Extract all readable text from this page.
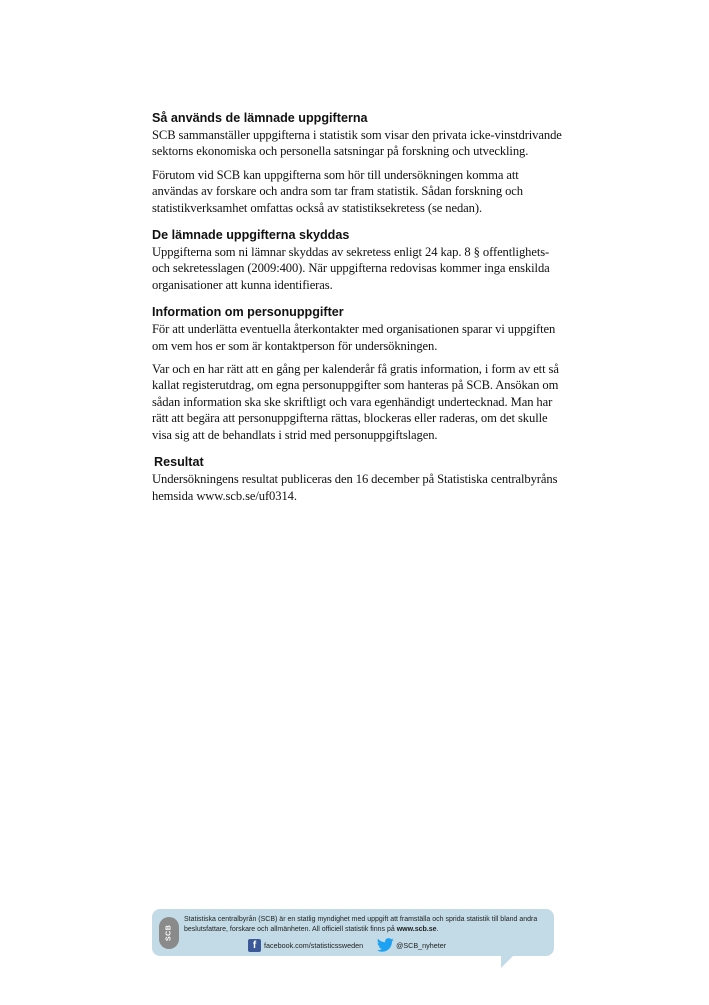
Så används de lämnade uppgifterna

SCB sammanställer uppgifterna i statistik som visar den privata icke-vinstdrivande sektorns ekonomiska och personella satsningar på forskning och utveckling.

Förutom vid SCB kan uppgifterna som hör till undersökningen komma att användas av forskare och andra som tar fram statistik. Sådan forskning och statistikverksamhet omfattas också av statistiksekretess (se nedan).

De lämnade uppgifterna skyddas

Uppgifterna som ni lämnar skyddas av sekretess enligt 24 kap. 8 § offentlighets- och sekretesslagen (2009:400). När uppgifterna redovisas kommer inga enskilda organisationer att kunna identifieras.

Information om personuppgifter

För att underlätta eventuella återkontakter med organisationen sparar vi uppgiften om vem hos er som är kontaktperson för undersökningen.

Var och en har rätt att en gång per kalenderår få gratis information, i form av ett så kallat registerutdrag, om egna personuppgifter som hanteras på SCB. Ansökan om sådan information ska ske skriftligt och vara egenhändigt undertecknad. Man har rätt att begära att personuppgifterna rättas, blockeras eller raderas, om det skulle visa sig att de behandlats i strid med personuppgiftslagen.

Resultat

Undersökningens resultat publiceras den 16 december på Statistiska centralbyråns hemsida www.scb.se/uf0314.

SCB
Statistiska centralbyrån (SCB) är en statlig myndighet med uppgift att framställa och sprida statistik till bland andra beslutsfattare, forskare och allmänheten. All officiell statistik finns på www.scb.se.
f	facebook.com/statisticssweden	@SCB_nyheter
